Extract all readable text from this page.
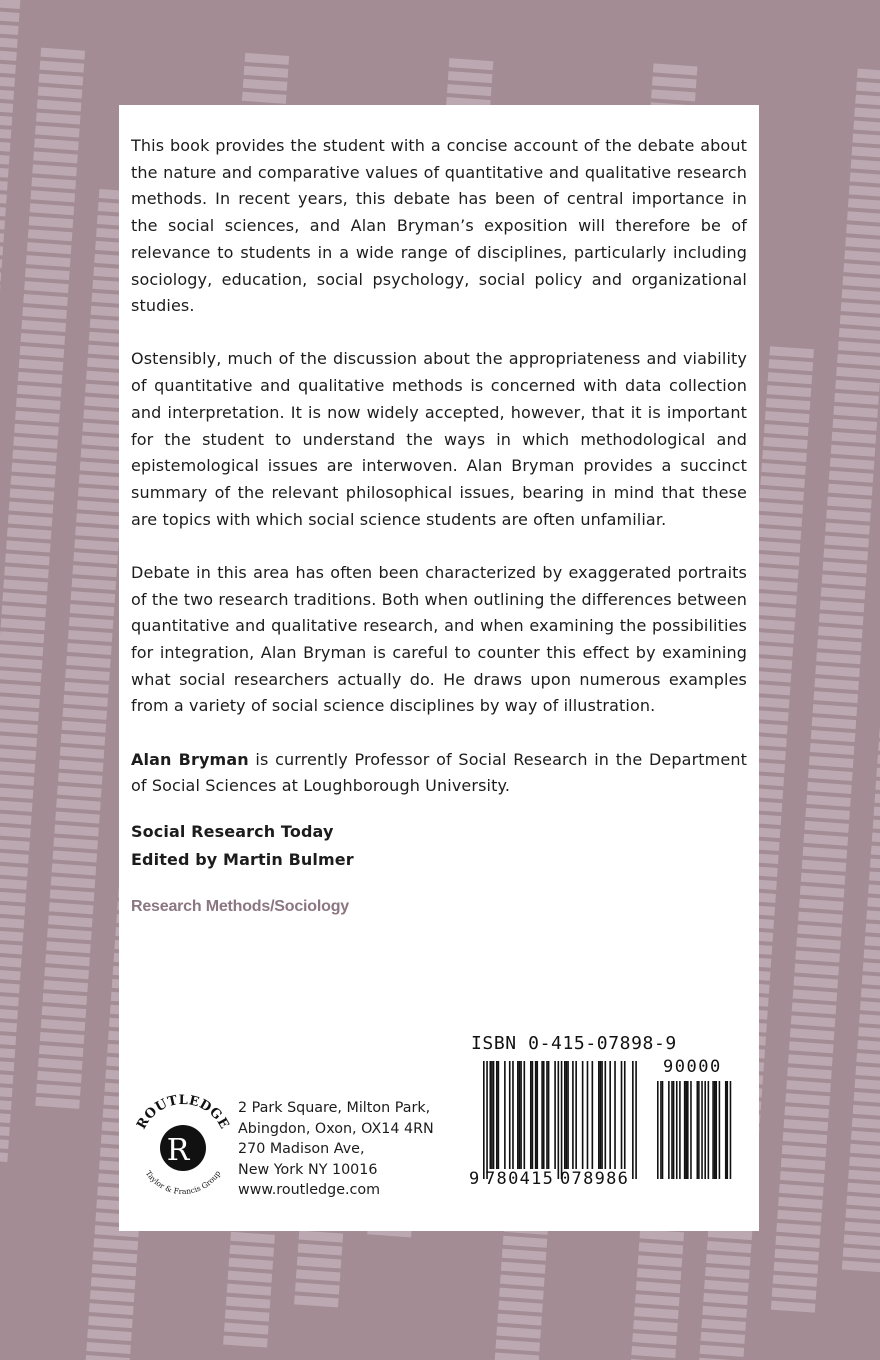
This book provides the student with a concise account of the debate about the nature and comparative values of quantitative and qualitative research methods. In recent years, this debate has been of central importance in the social sciences, and Alan Bryman’s exposition will therefore be of relevance to students in a wide range of disciplines, particularly including sociology, education, social psychology, social policy and organizational studies.

Ostensibly, much of the discussion about the appropriateness and viability of quantitative and qualitative methods is concerned with data collection and interpretation. It is now widely accepted, however, that it is important for the student to understand the ways in which methodological and epistemological issues are interwoven. Alan Bryman provides a succinct summary of the relevant philosophical issues, bearing in mind that these are topics with which social science students are often unfamiliar.

Debate in this area has often been characterized by exaggerated portraits of the two research traditions. Both when outlining the differences between quantitative and qualitative research, and when examining the possibilities for integration, Alan Bryman is careful to counter this effect by examining what social researchers actually do. He draws upon numerous examples from a variety of social science disciplines by way of illustration.

Alan Bryman is currently Professor of Social Research in the Department of Social Sciences at Loughborough University.

Social Research Today
Edited by Martin Bulmer
Research Methods/Sociology
ROUTLEDGE
Taylor & Francis Group
R
2 Park Square, Milton Park,
Abingdon, Oxon, OX14 4RN
270 Madison Ave,
New York NY 10016
www.routledge.com
ISBN 0-415-07898-9
9 780415 078986
90000
